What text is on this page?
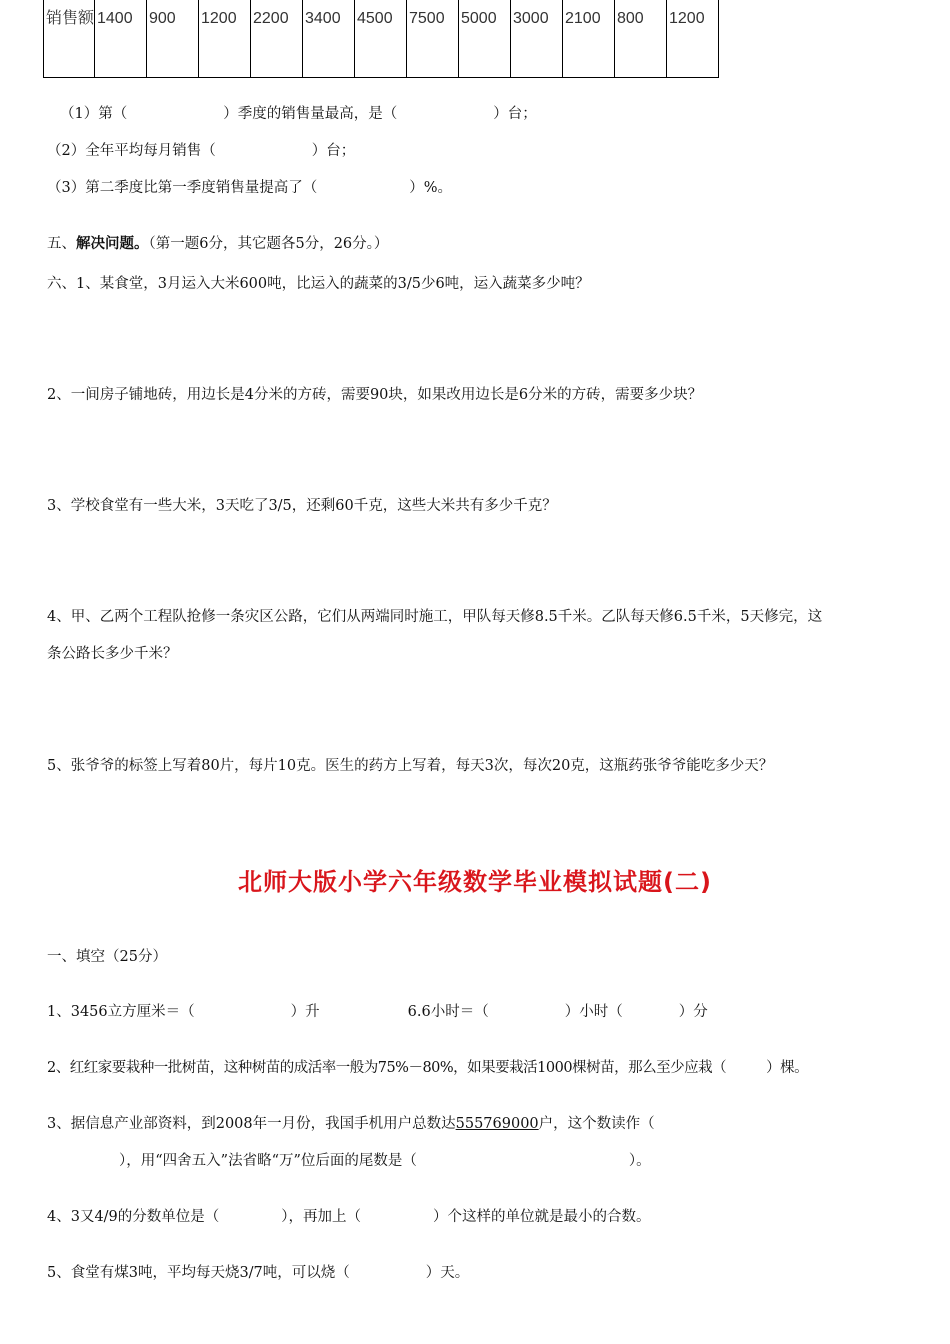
销售额	1400	900	1200	2200	3400	4500	7500	5000	3000	2100	800	1200
（1）第（	）季度的销售量最高，是（	）台；
（2）全年平均每月销售（	）台；
（3）第二季度比第一季度销售量提高了（	）%。
五、解决问题。（第一题6分，其它题各5分，26分。）
六、1、某食堂，3月运入大米600吨，比运入的蔬菜的3/5少6吨，运入蔬菜多少吨？
2、一间房子铺地砖，用边长是4分米的方砖，需要90块，如果改用边长是6分米的方砖，需要多少块？
3、学校食堂有一些大米，3天吃了3/5，还剩60千克，这些大米共有多少千克？
4、甲、乙两个工程队抢修一条灾区公路，它们从两端同时施工，甲队每天修8.5千米。乙队每天修6.5千米，5天修完，这
条公路长多少千米？
5、张爷爷的标签上写着80片，每片10克。医生的药方上写着，每天3次，每次20克，这瓶药张爷爷能吃多少天？
北师大版小学六年级数学毕业模拟试题(二)
一、填空（25分）
1、3456立方厘米＝（	）升	6.6小时＝（	）小时（	）分
2、红红家要栽种一批树苗，这种树苗的成活率一般为75%－80%，如果要栽活1000棵树苗，那么至少应栽（	）棵。
3、据信息产业部资料，到2008年一月份，我国手机用户总数达555769000户，这个数读作（
），用“四舍五入”法省略“万”位后面的尾数是（	）。
4、3又4/9的分数单位是（	），再加上（	）个这样的单位就是最小的合数。
5、食堂有煤3吨，平均每天烧3/7吨，可以烧（	）天。
